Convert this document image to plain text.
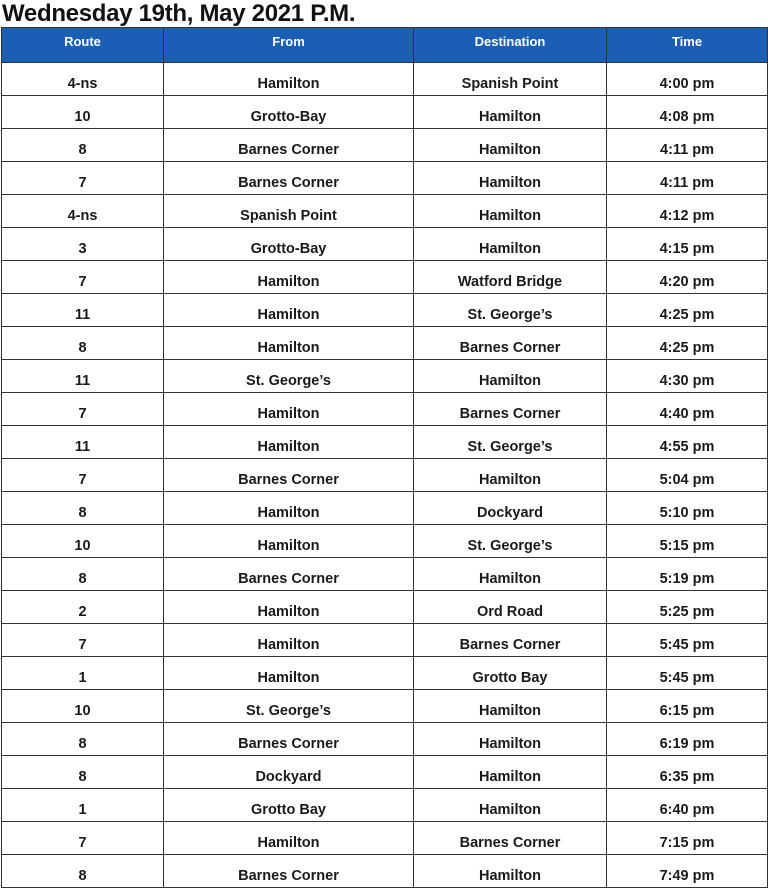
Wednesday 19th, May 2021 P.M.
Route	From	Destination	Time
4-ns	Hamilton	Spanish Point	4:00 pm
10	Grotto-Bay	Hamilton	4:08 pm
8	Barnes Corner	Hamilton	4:11 pm
7	Barnes Corner	Hamilton	4:11 pm
4-ns	Spanish Point	Hamilton	4:12 pm
3	Grotto-Bay	Hamilton	4:15 pm
7	Hamilton	Watford Bridge	4:20 pm
11	Hamilton	St. George’s	4:25 pm
8	Hamilton	Barnes Corner	4:25 pm
11	St. George’s	Hamilton	4:30 pm
7	Hamilton	Barnes Corner	4:40 pm
11	Hamilton	St. George’s	4:55 pm
7	Barnes Corner	Hamilton	5:04 pm
8	Hamilton	Dockyard	5:10 pm
10	Hamilton	St. George’s	5:15 pm
8	Barnes Corner	Hamilton	5:19 pm
2	Hamilton	Ord Road	5:25 pm
7	Hamilton	Barnes Corner	5:45 pm
1	Hamilton	Grotto Bay	5:45 pm
10	St. George’s	Hamilton	6:15 pm
8	Barnes Corner	Hamilton	6:19 pm
8	Dockyard	Hamilton	6:35 pm
1	Grotto Bay	Hamilton	6:40 pm
7	Hamilton	Barnes Corner	7:15 pm
8	Barnes Corner	Hamilton	7:49 pm
